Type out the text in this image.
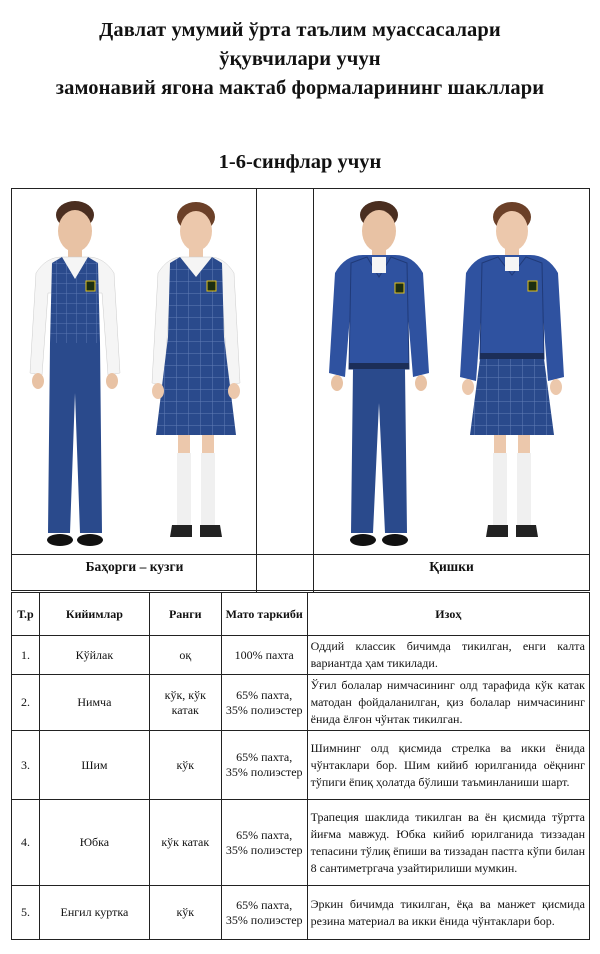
Давлат умумий ўрта таълим муассасалари

ўқувчилари учун

замонавий ягона мактаб формаларининг шакллари

1-6-синфлар учун

Баҳорги – кузги	Қишки
Т.р	Кийимлар	Ранги	Мато таркиби	Изоҳ
1.	Кўйлак	оқ	100% пахта	Оддий классик бичимда тикилган, енги калта вариантда ҳам тикилади.
2.	Нимча	кўк, кўк катак	65% пахта,
35% полиэстер	Ўғил болалар нимчасининг олд тарафида кўк катак матодан фойдаланилган, қиз болалар нимчасининг ёнида ёлғон чўнтак тикилган.
3.	Шим	кўк	65% пахта,
35% полиэстер	Шимнинг олд қисмида стрелка ва икки ёнида чўнтаклари бор. Шим кийиб юрилганида оёқнинг тўпиги ёпиқ ҳолатда бўлиши таъминланиши шарт.
4.	Юбка	кўк катак	65% пахта,
35% полиэстер	Трапеция шаклида тикилган ва ён қисмида тўртта йиғма мавжуд. Юбка кийиб юрилганида тиззадан тепасини тўлиқ ёпиши ва тиззадан пастга кўпи билан 8 сантиметргача узайтирилиши мумкин.
5.	Енгил куртка	кўк	65% пахта,
35% полиэстер	Эркин бичимда тикилган, ёқа ва манжет қисмида резина материал ва икки ёнида чўнтаклари бор.
